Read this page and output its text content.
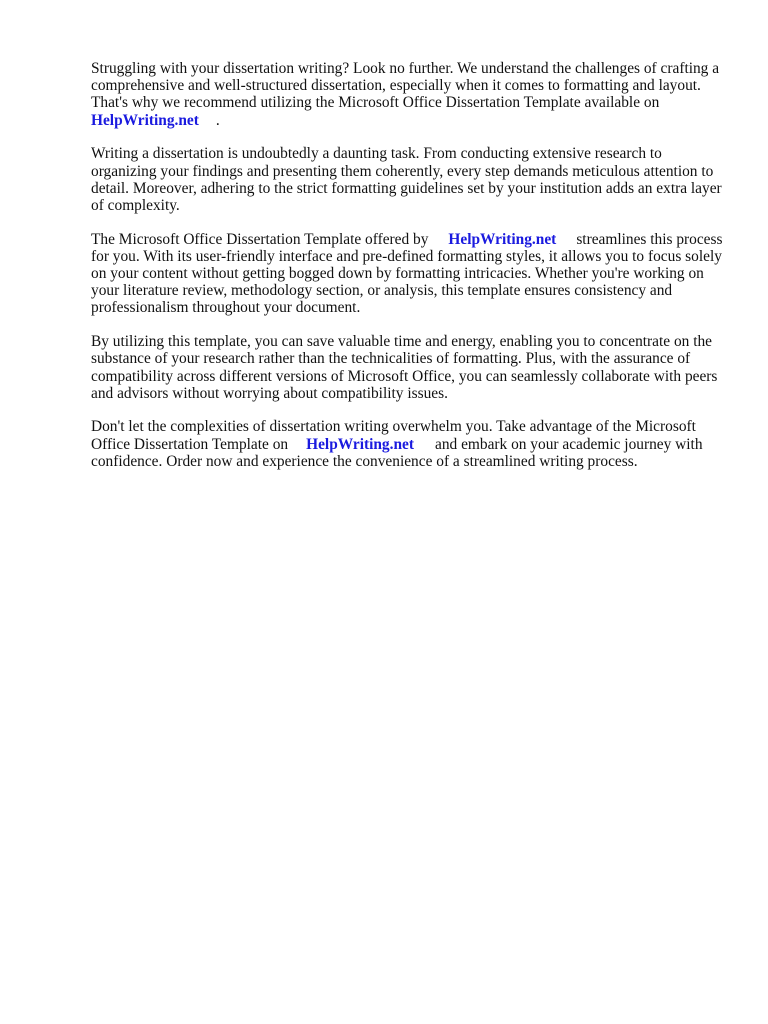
Struggling with your dissertation writing? Look no further. We understand the challenges of crafting a comprehensive and well-structured dissertation, especially when it comes to formatting and layout. That's why we recommend utilizing the Microsoft Office Dissertation Template available on
HelpWriting.net .

Writing a dissertation is undoubtedly a daunting task. From conducting extensive research to organizing your findings and presenting them coherently, every step demands meticulous attention to detail. Moreover, adhering to the strict formatting guidelines set by your institution adds an extra layer of complexity.

The Microsoft Office Dissertation Template offered by HelpWriting.net streamlines this process for you. With its user-friendly interface and pre-defined formatting styles, it allows you to focus solely on your content without getting bogged down by formatting intricacies. Whether you're working on your literature review, methodology section, or analysis, this template ensures consistency and professionalism throughout your document.

By utilizing this template, you can save valuable time and energy, enabling you to concentrate on the substance of your research rather than the technicalities of formatting. Plus, with the assurance of compatibility across different versions of Microsoft Office, you can seamlessly collaborate with peers and advisors without worrying about compatibility issues.

Don't let the complexities of dissertation writing overwhelm you. Take advantage of the Microsoft Office Dissertation Template on HelpWriting.net and embark on your academic journey with confidence. Order now and experience the convenience of a streamlined writing process.
